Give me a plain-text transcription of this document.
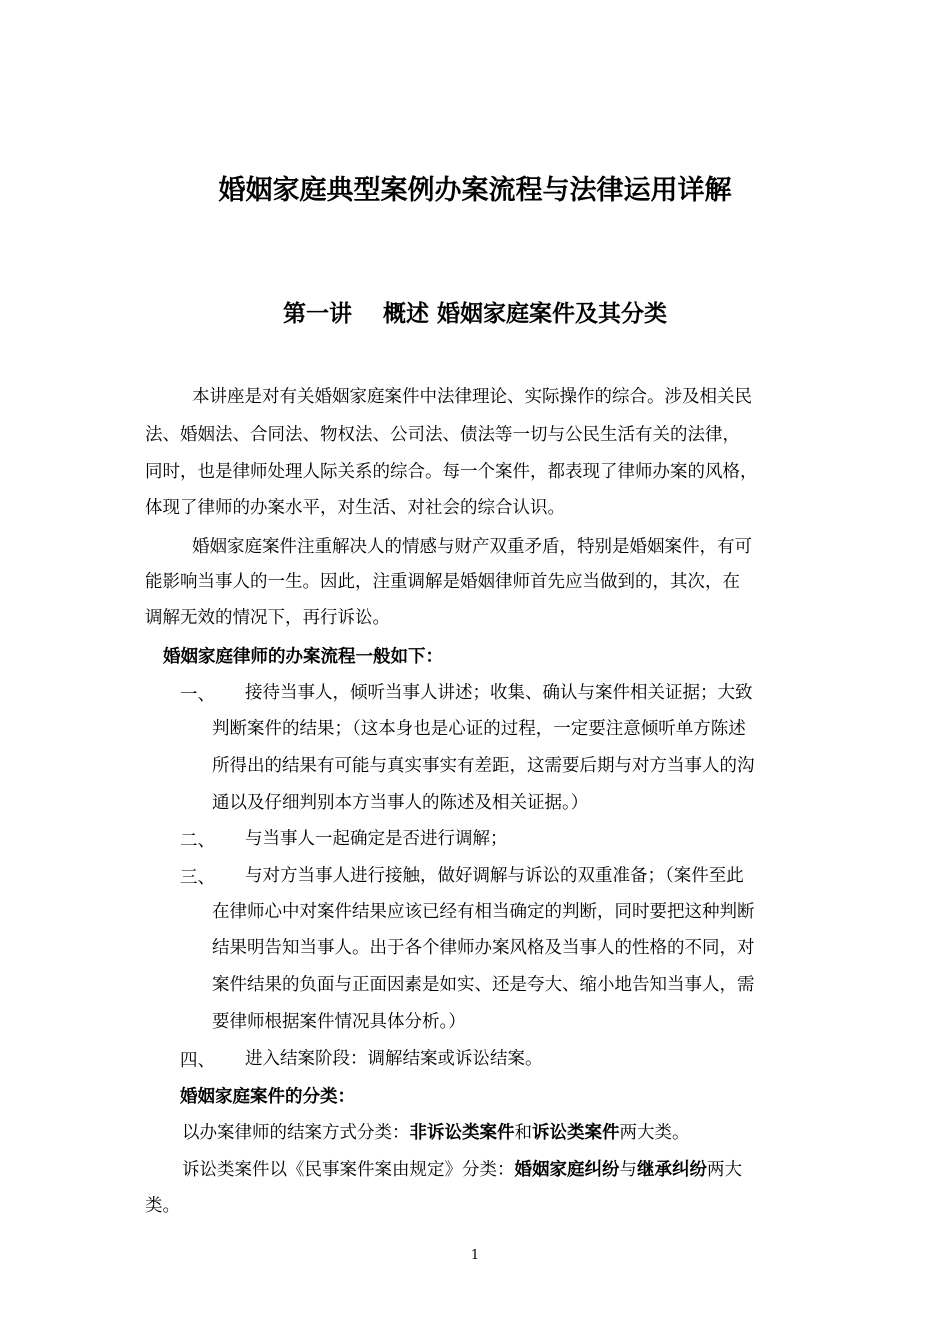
婚姻家庭典型案例办案流程与法律运用详解
第一讲　 概述 婚姻家庭案件及其分类
本讲座是对有关婚姻家庭案件中法律理论、实际操作的综合。涉及相关民
法、婚姻法、合同法、物权法、公司法、债法等一切与公民生活有关的法律，
同时，也是律师处理人际关系的综合。每一个案件，都表现了律师办案的风格，
体现了律师的办案水平，对生活、对社会的综合认识。
婚姻家庭案件注重解决人的情感与财产双重矛盾，特别是婚姻案件，有可
能影响当事人的一生。因此，注重调解是婚姻律师首先应当做到的，其次，在
调解无效的情况下，再行诉讼。
婚姻家庭律师的办案流程一般如下：
一、 接待当事人，倾听当事人讲述；收集、确认与案件相关证据；大致
判断案件的结果；（这本身也是心证的过程，一定要注意倾听单方陈述
所得出的结果有可能与真实事实有差距，这需要后期与对方当事人的沟
通以及仔细判别本方当事人的陈述及相关证据。）
二、 与当事人一起确定是否进行调解；
三、 与对方当事人进行接触，做好调解与诉讼的双重准备；（案件至此
在律师心中对案件结果应该已经有相当确定的判断，同时要把这种判断
结果明告知当事人。出于各个律师办案风格及当事人的性格的不同，对
案件结果的负面与正面因素是如实、还是夸大、缩小地告知当事人，需
要律师根据案件情况具体分析。）
四、 进入结案阶段：调解结案或诉讼结案。
婚姻家庭案件的分类：
以办案律师的结案方式分类：非诉讼类案件和诉讼类案件两大类。
诉讼类案件以《民事案件案由规定》分类：婚姻家庭纠纷与继承纠纷两大
类。
1
